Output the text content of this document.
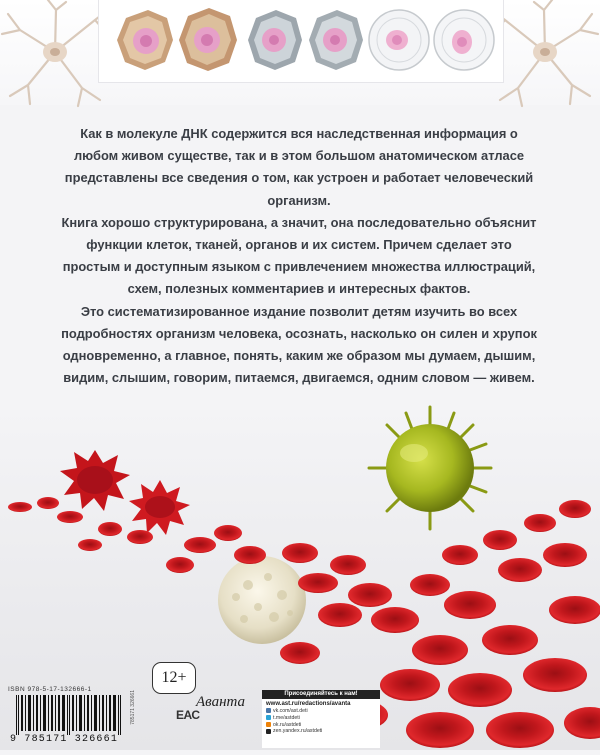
Как в молекуле ДНК содержится вся наследственная информация о любом живом существе, так и в этом большом анатомическом атласе представлены все сведения о том, как устроен и работает человеческий организм.

Книга хорошо структурирована, а значит, она последовательно объяснит функции клеток, тканей, органов и их систем. Причем сделает это простым и доступным языком с привлечением множества иллюстраций, схем, полезных комментариев и интересных фактов.

Это систематизированное издание позволит детям изучить во всех подробностях организм человека, осознать, насколько он силен и хрупок одновременно, а главное, понять, каким же образом мы думаем, дышим, видим, слышим, говорим, питаемся, двигаемся, одним словом — живем.

12+
ISBN 978-5-17-132666-1
9 785171 326661
785171 326661	ЕАС
Аванта	Присоединяйтесь к нам!
www.ast.ru/redactions/avanta
vk.com/ast.deti
t.me/astdeti
ok.ru/astdeti
zen.yandex.ru/astdeti
